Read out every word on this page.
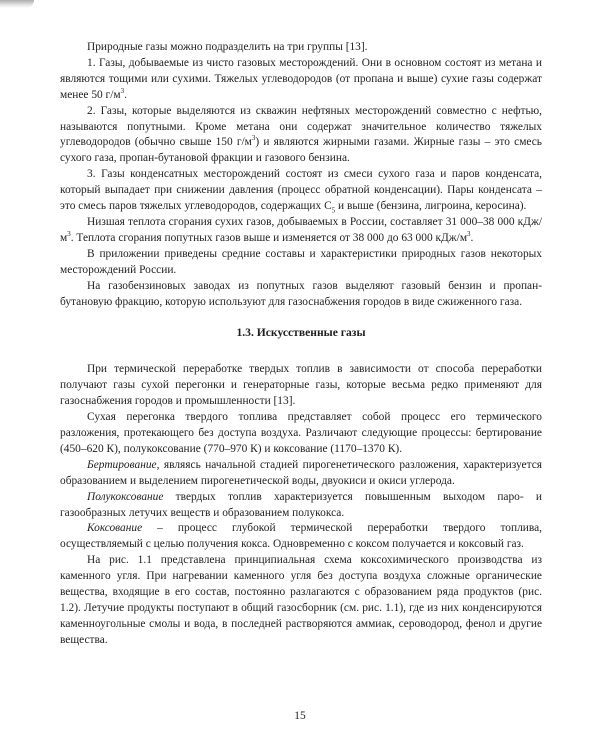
Природные газы можно подразделить на три группы [13].

1. Газы, добываемые из чисто газовых месторождений. Они в основном состоят из метана и являются тощими или сухими. Тяжелых углеводородов (от пропана и выше) сухие газы содержат менее 50 $г/м^3$.

2. Газы, которые выделяются из скважин нефтяных месторождений совместно с нефтью, называются попутными. Кроме метана они содержат значительное количество тяжелых углеводородов (обычно свыше 150 $г/м^3$) и являются жирными газами. Жирные газы – это смесь сухого газа, пропан-бутановой фракции и газового бензина.

3. Газы конденсатных месторождений состоят из смеси сухого газа и паров конденсата, который выпадает при снижении давления (процесс обратной конденсации). Пары конденсата – это смесь паров тяжелых углеводородов, содержащих $С_5$ и выше (бензина, лигроина, керосина).

Низшая теплота сгорания сухих газов, добываемых в России, составляет 31 000–38 000 кДж/$м^3$. Теплота сгорания попутных газов выше и изменяется от 38 000 до 63 000 кДж/$м^3$.

В приложении приведены средние составы и характеристики природных газов некоторых месторождений России.

На газобензиновых заводах из попутных газов выделяют газовый бензин и пропан-бутановую фракцию, которую используют для газоснабжения городов в виде сжиженного газа.

1.3. Искусственные газы

При термической переработке твердых топлив в зависимости от способа переработки получают газы сухой перегонки и генераторные газы, которые весьма редко применяют для газоснабжения городов и промышленности [13].

Сухая перегонка твердого топлива представляет собой процесс его термического разложения, протекающего без доступа воздуха. Различают следующие процессы: бертирование (450–620 К), полукоксование (770–970 К) и коксование (1170–1370 К).

Бертирование, являясь начальной стадией пирогенетического разложения, характеризуется образованием и выделением пирогенетической воды, двуокиси и окиси углерода.

Полукоксование твердых топлив характеризуется повышенным выходом паро- и газообразных летучих веществ и образованием полукокса.

Коксование – процесс глубокой термической переработки твердого топлива, осуществляемый с целью получения кокса. Одновременно с коксом получается и коксовый газ.

На рис. 1.1 представлена принципиальная схема коксохимического производства из каменного угля. При нагревании каменного угля без доступа воздуха сложные органические вещества, входящие в его состав, постоянно разлагаются с образованием ряда продуктов (рис. 1.2). Летучие продукты поступают в общий газосборник (см. рис. 1.1), где из них конденсируются каменноугольные смолы и вода, в последней растворяются аммиак, сероводород, фенол и другие вещества.

15
